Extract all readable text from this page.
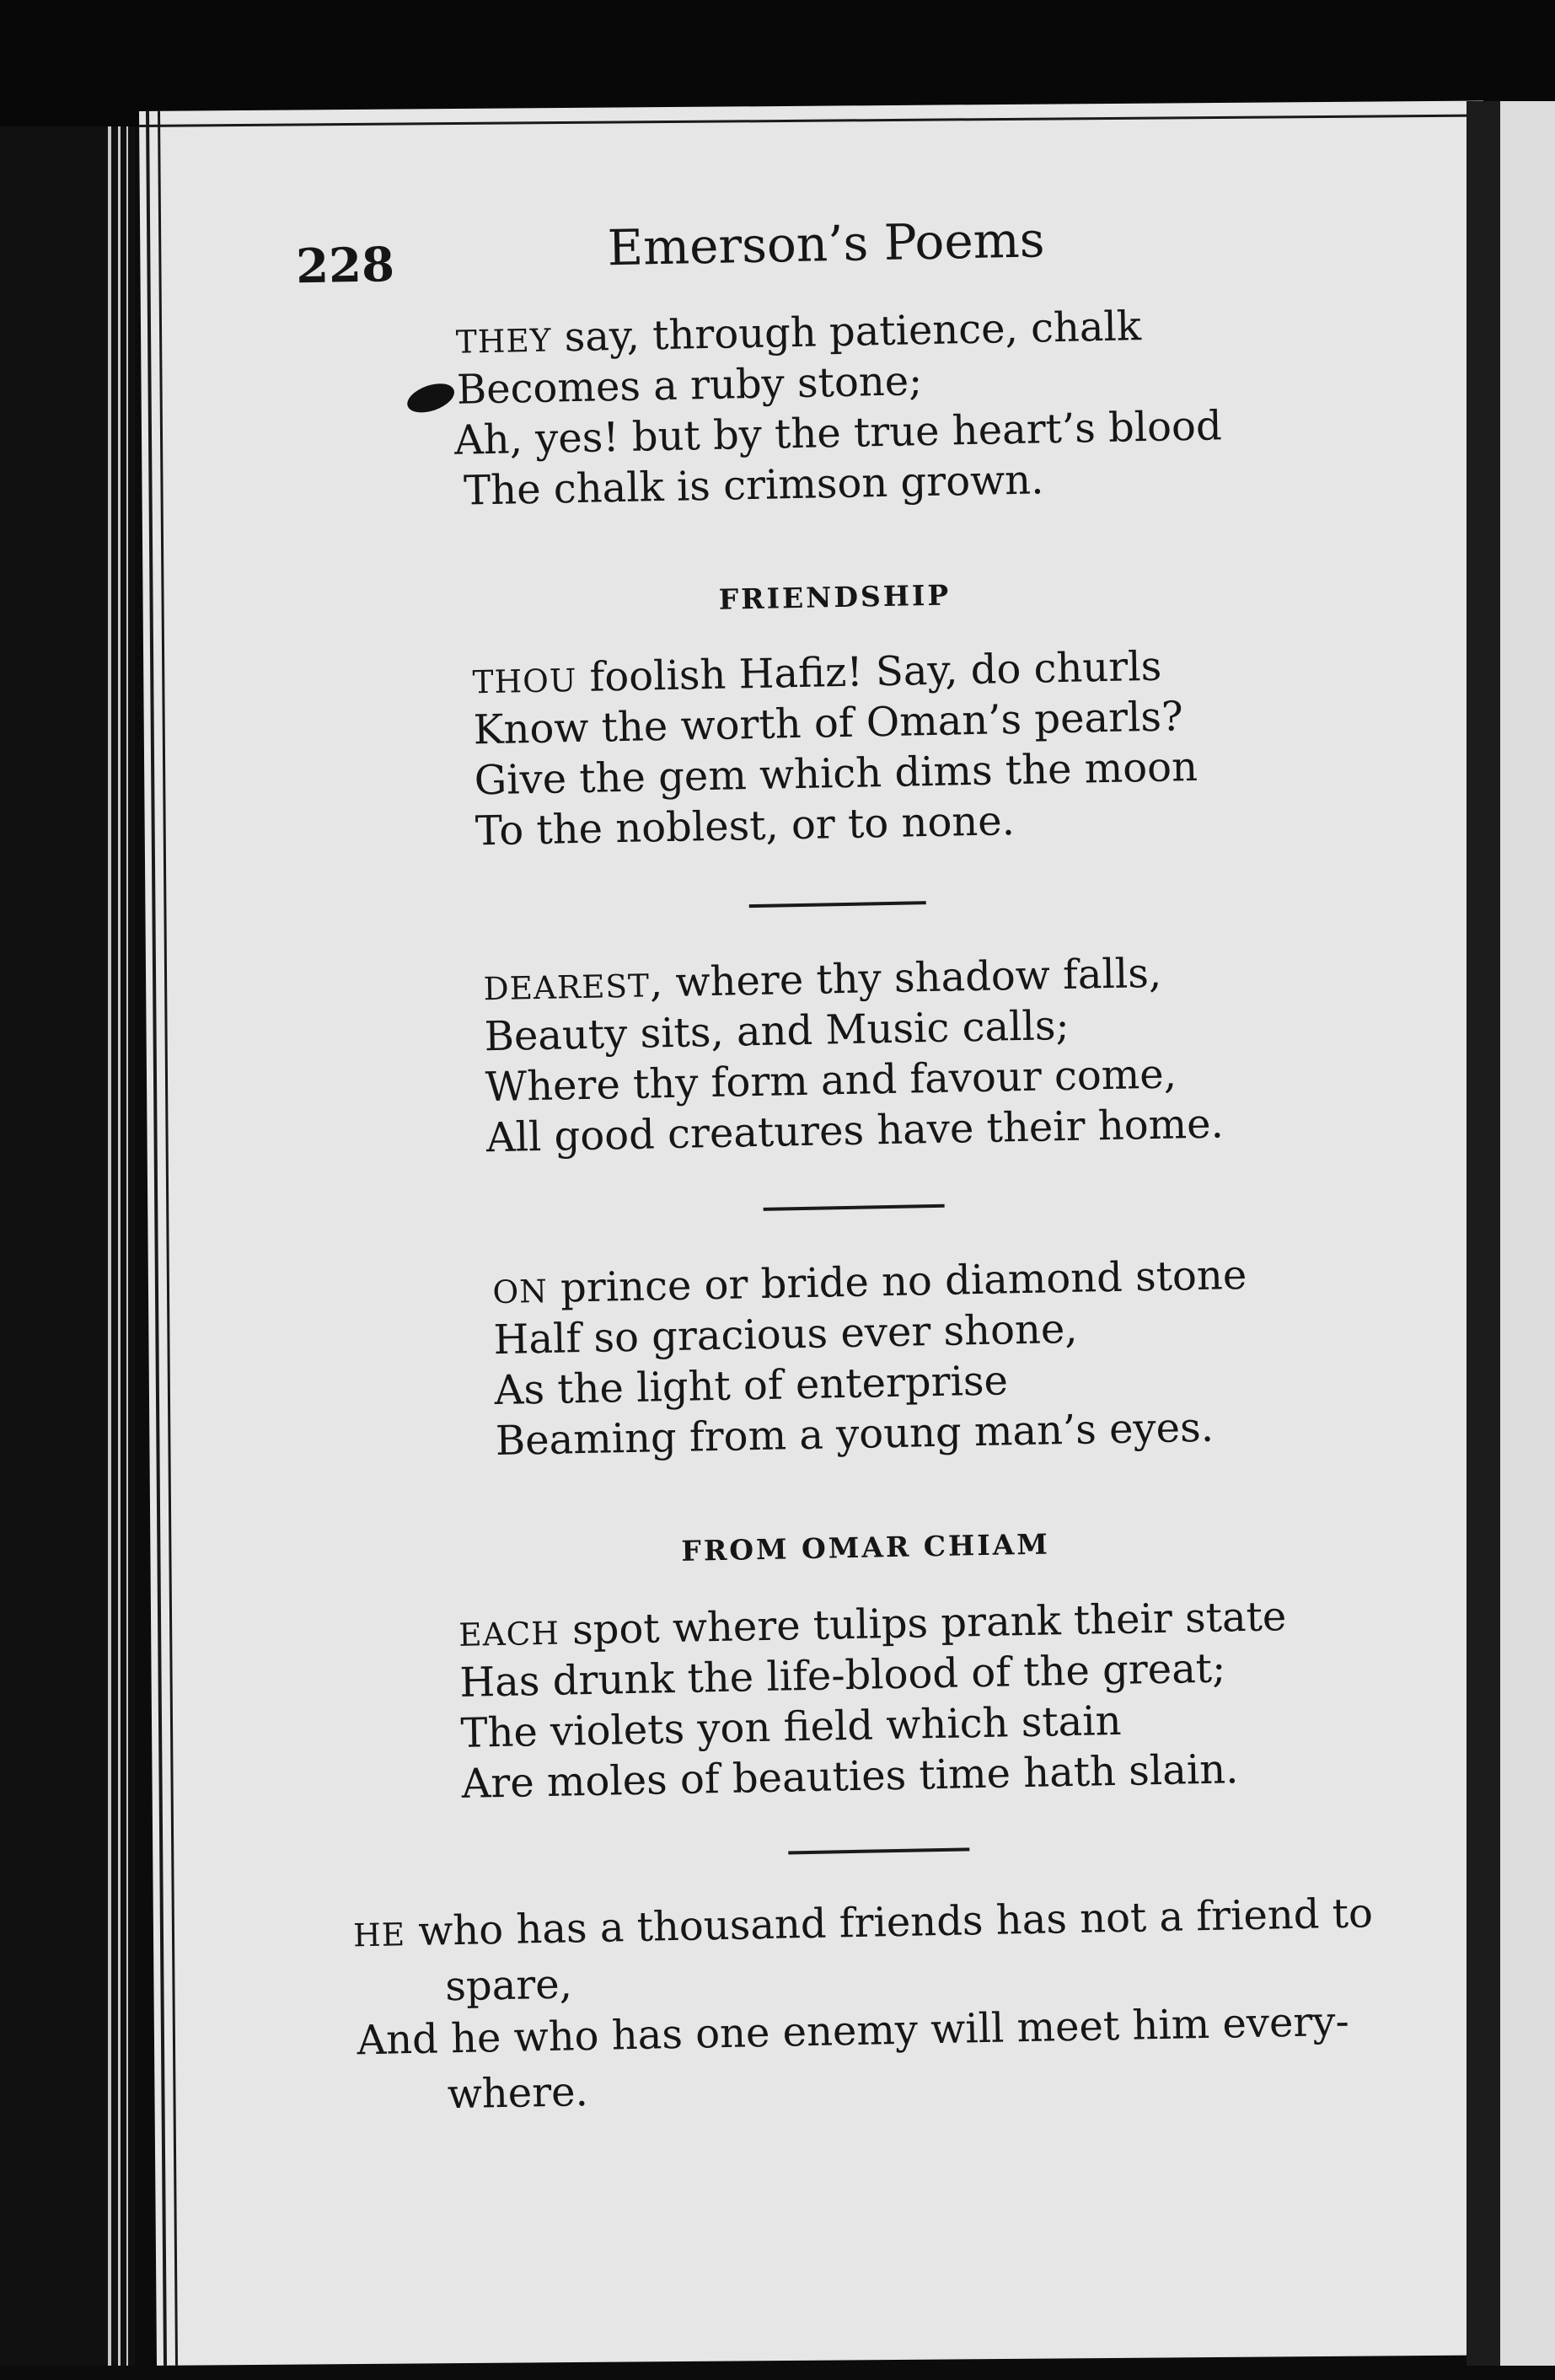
228	Emerson’s Poems
THEY say, through patience, chalk
Becomes a ruby stone;
Ah, yes! but by the true heart’s blood
The chalk is crimson grown.
FRIENDSHIP
THOU foolish Hafiz! Say, do churls
Know the worth of Oman’s pearls?
Give the gem which dims the moon
To the noblest, or to none.
DEAREST, where thy shadow falls,
Beauty sits, and Music calls;
Where thy form and favour come,
All good creatures have their home.
ON prince or bride no diamond stone
Half so gracious ever shone,
As the light of enterprise
Beaming from a young man’s eyes.
FROM OMAR CHIAM
EACH spot where tulips prank their state
Has drunk the life-blood of the great;
The violets yon field which stain
Are moles of beauties time hath slain.
HE who has a thousand friends has not a friend to
spare,
And he who has one enemy will meet him every-
where.
